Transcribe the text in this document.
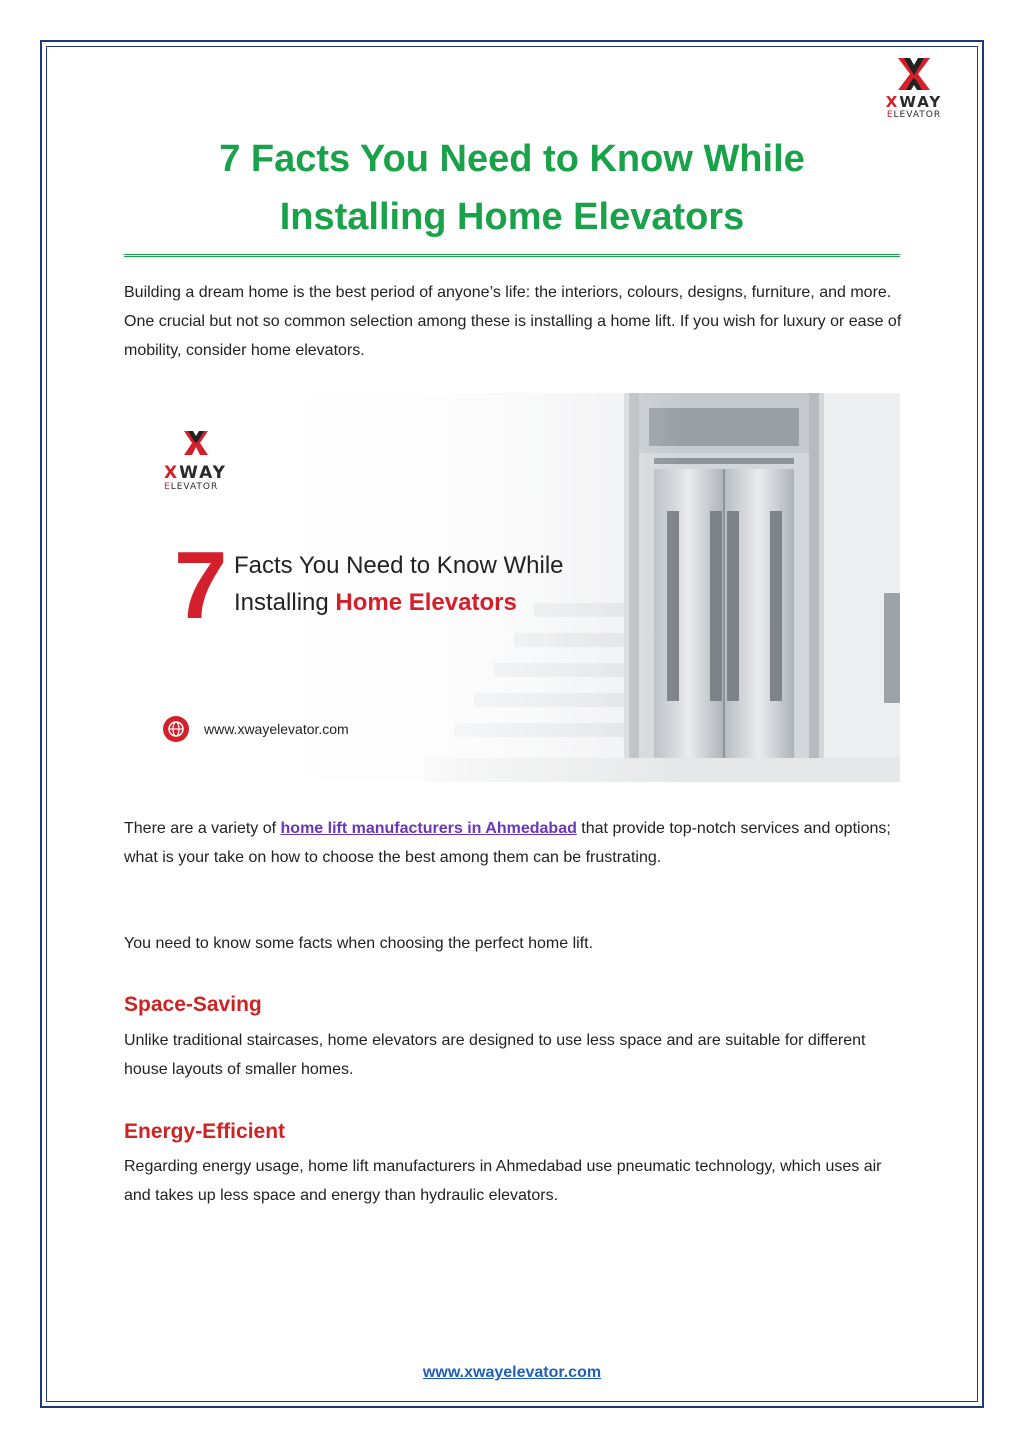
XWAY
ELEVATOR
7 Facts You Need to Know While
Installing Home Elevators

Building a dream home is the best period of anyone’s life: the interiors, colours, designs, furniture, and more. One crucial but not so common selection among these is installing a home lift. If you wish for luxury or ease of mobility, consider home elevators.

XWAY
ELEVATOR
7 Facts You Need to Know While
Installing Home Elevators
www.xwayelevator.com

There are a variety of home lift manufacturers in Ahmedabad that provide top-notch services and options; what is your take on how to choose the best among them can be frustrating.

You need to know some facts when choosing the perfect home lift.

Space-Saving

Unlike traditional staircases, home elevators are designed to use less space and are suitable for different house layouts of smaller homes.

Energy-Efficient

Regarding energy usage, home lift manufacturers in Ahmedabad use pneumatic technology, which uses air and takes up less space and energy than hydraulic elevators.

www.xwayelevator.com
